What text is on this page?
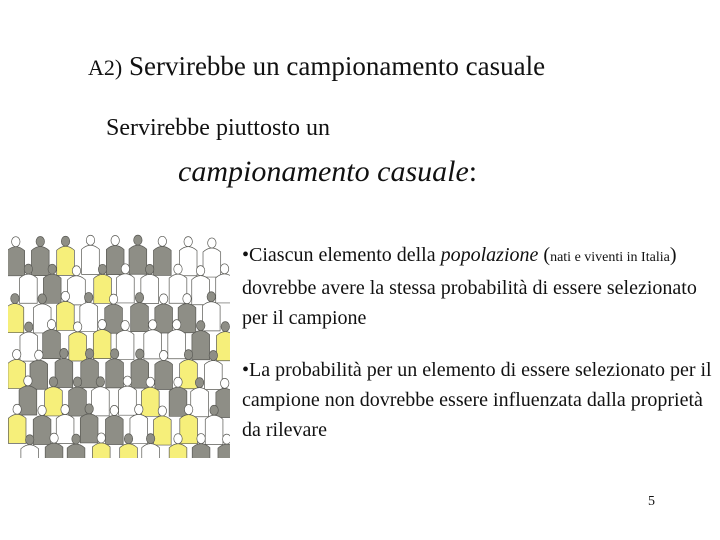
A2) Servirebbe un campionamento casuale
Servirebbe piuttosto un
campionamento casuale:
•Ciascun elemento della popolazione (nati e viventi in Italia) dovrebbe avere la stessa probabilità di essere selezionato per il campione
•La probabilità per un elemento di essere selezionato per il campione non dovrebbe essere influenzata dalla proprietà da rilevare
5
